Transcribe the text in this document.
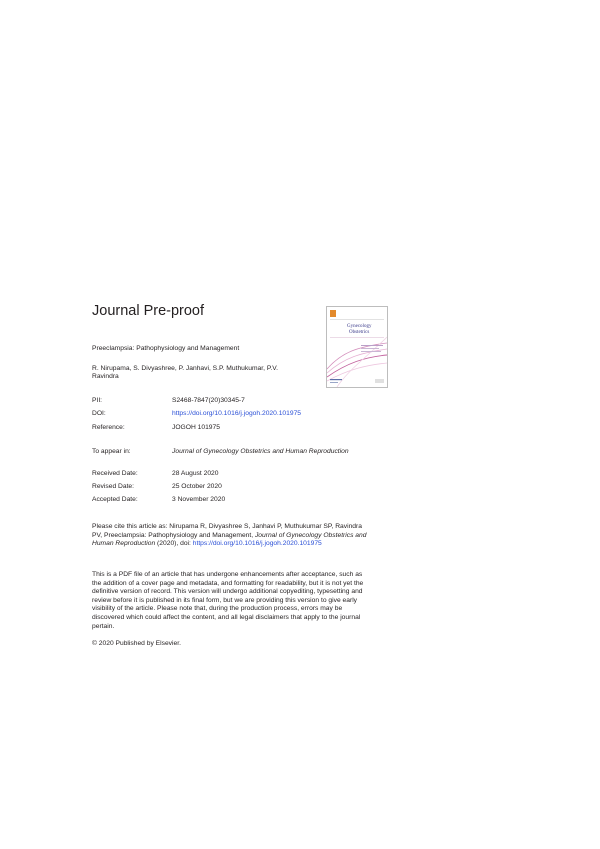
Journal Pre-proof
Gynecology
Obstetrics
Preeclampsia: Pathophysiology and Management
R. Nirupama, S. Divyashree, P. Janhavi, S.P. Muthukumar, P.V.
Ravindra
PII:	S2468-7847(20)30345-7
DOI:	https://doi.org/10.1016/j.jogoh.2020.101975
Reference:	JOGOH 101975
To appear in:	Journal of Gynecology Obstetrics and Human Reproduction
Received Date:	28 August 2020
Revised Date:	25 October 2020
Accepted Date:	3 November 2020
Please cite this article as: Nirupama R, Divyashree S, Janhavi P, Muthukumar SP, Ravindra
PV, Preeclampsia: Pathophysiology and Management, Journal of Gynecology Obstetrics and
Human Reproduction (2020), doi: https://doi.org/10.1016/j.jogoh.2020.101975
This is a PDF file of an article that has undergone enhancements after acceptance, such as
the addition of a cover page and metadata, and formatting for readability, but it is not yet the
definitive version of record. This version will undergo additional copyediting, typesetting and
review before it is published in its final form, but we are providing this version to give early
visibility of the article. Please note that, during the production process, errors may be
discovered which could affect the content, and all legal disclaimers that apply to the journal
pertain.
© 2020 Published by Elsevier.
